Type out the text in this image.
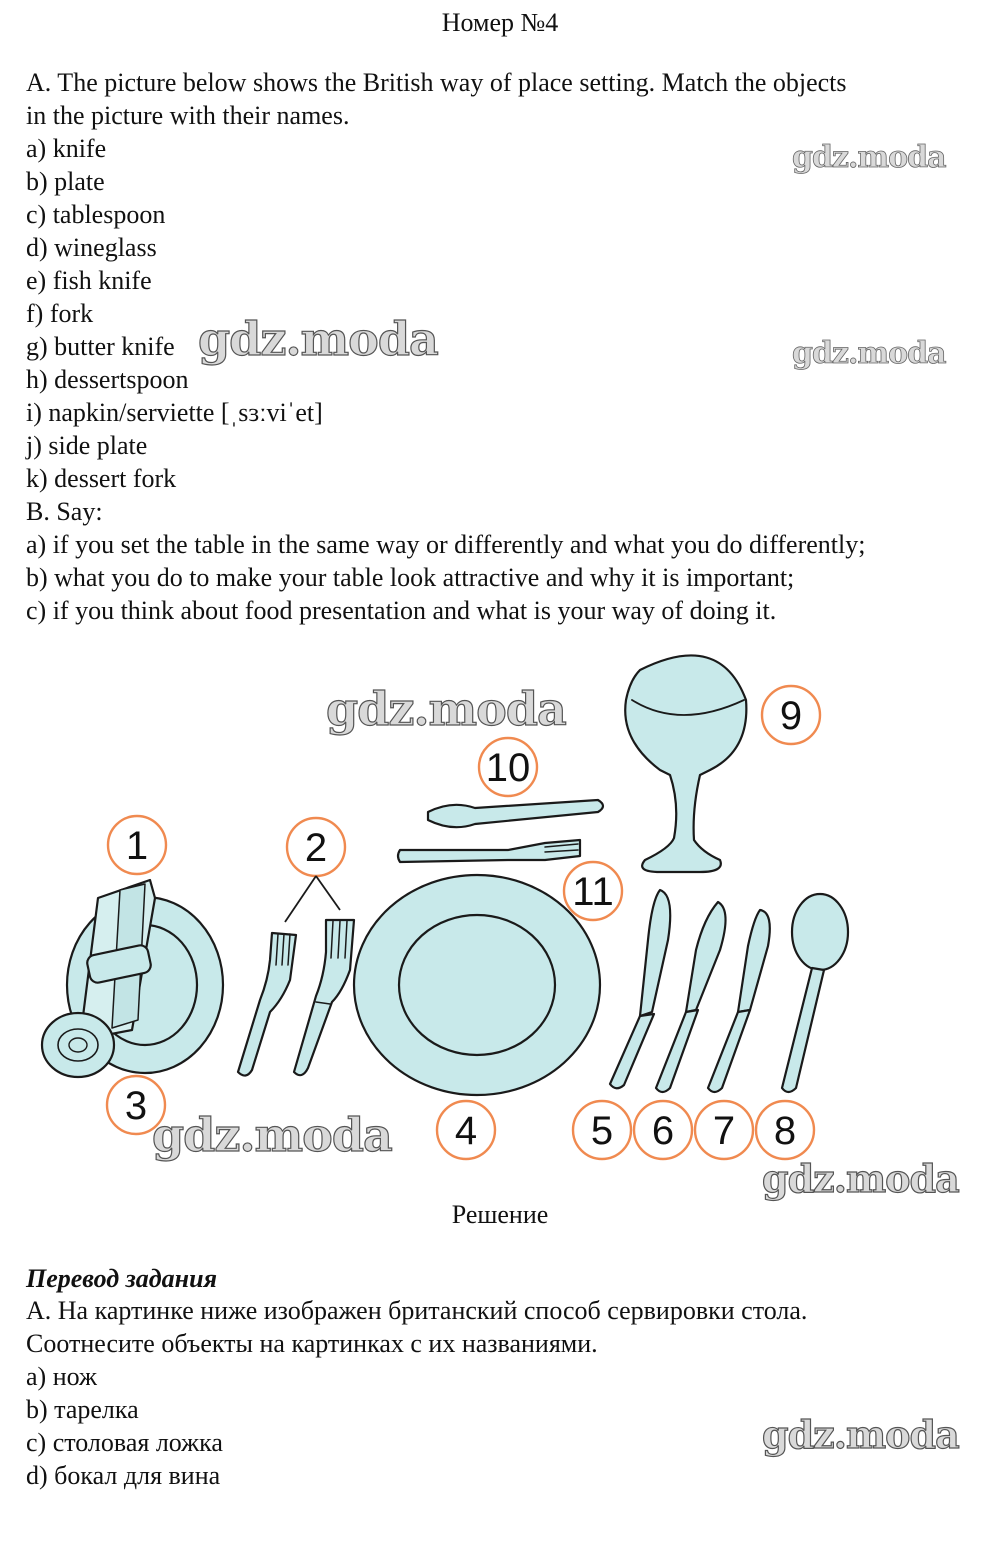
Номер №4
A. The picture below shows the British way of place setting. Match the objects
in the picture with their names.
a) knife
b) plate
c) tablespoon
d) wineglass
e) fish knife
f) fork
g) butter knife
h) dessertspoon
i) napkin/serviette [ˌsɜːviˈet]
j) side plate
k) dessert fork
B. Say:
a) if you set the table in the same way or differently and what you do differently;
b) what you do to make your table look attractive and why it is important;
c) if you think about food presentation and what is your way of doing it.
gdz.moda
gdz.moda	gdz.moda
1	2
3
4	5 6 7 8
9
10
11
gdz.moda
gdz.moda
gdz.moda
Решение
Перевод задания
A. На картинке ниже изображен британский способ сервировки стола.
Соотнесите объекты на картинках с их названиями.
a) нож
b) тарелка
c) столовая ложка
d) бокал для вина
gdz.moda
